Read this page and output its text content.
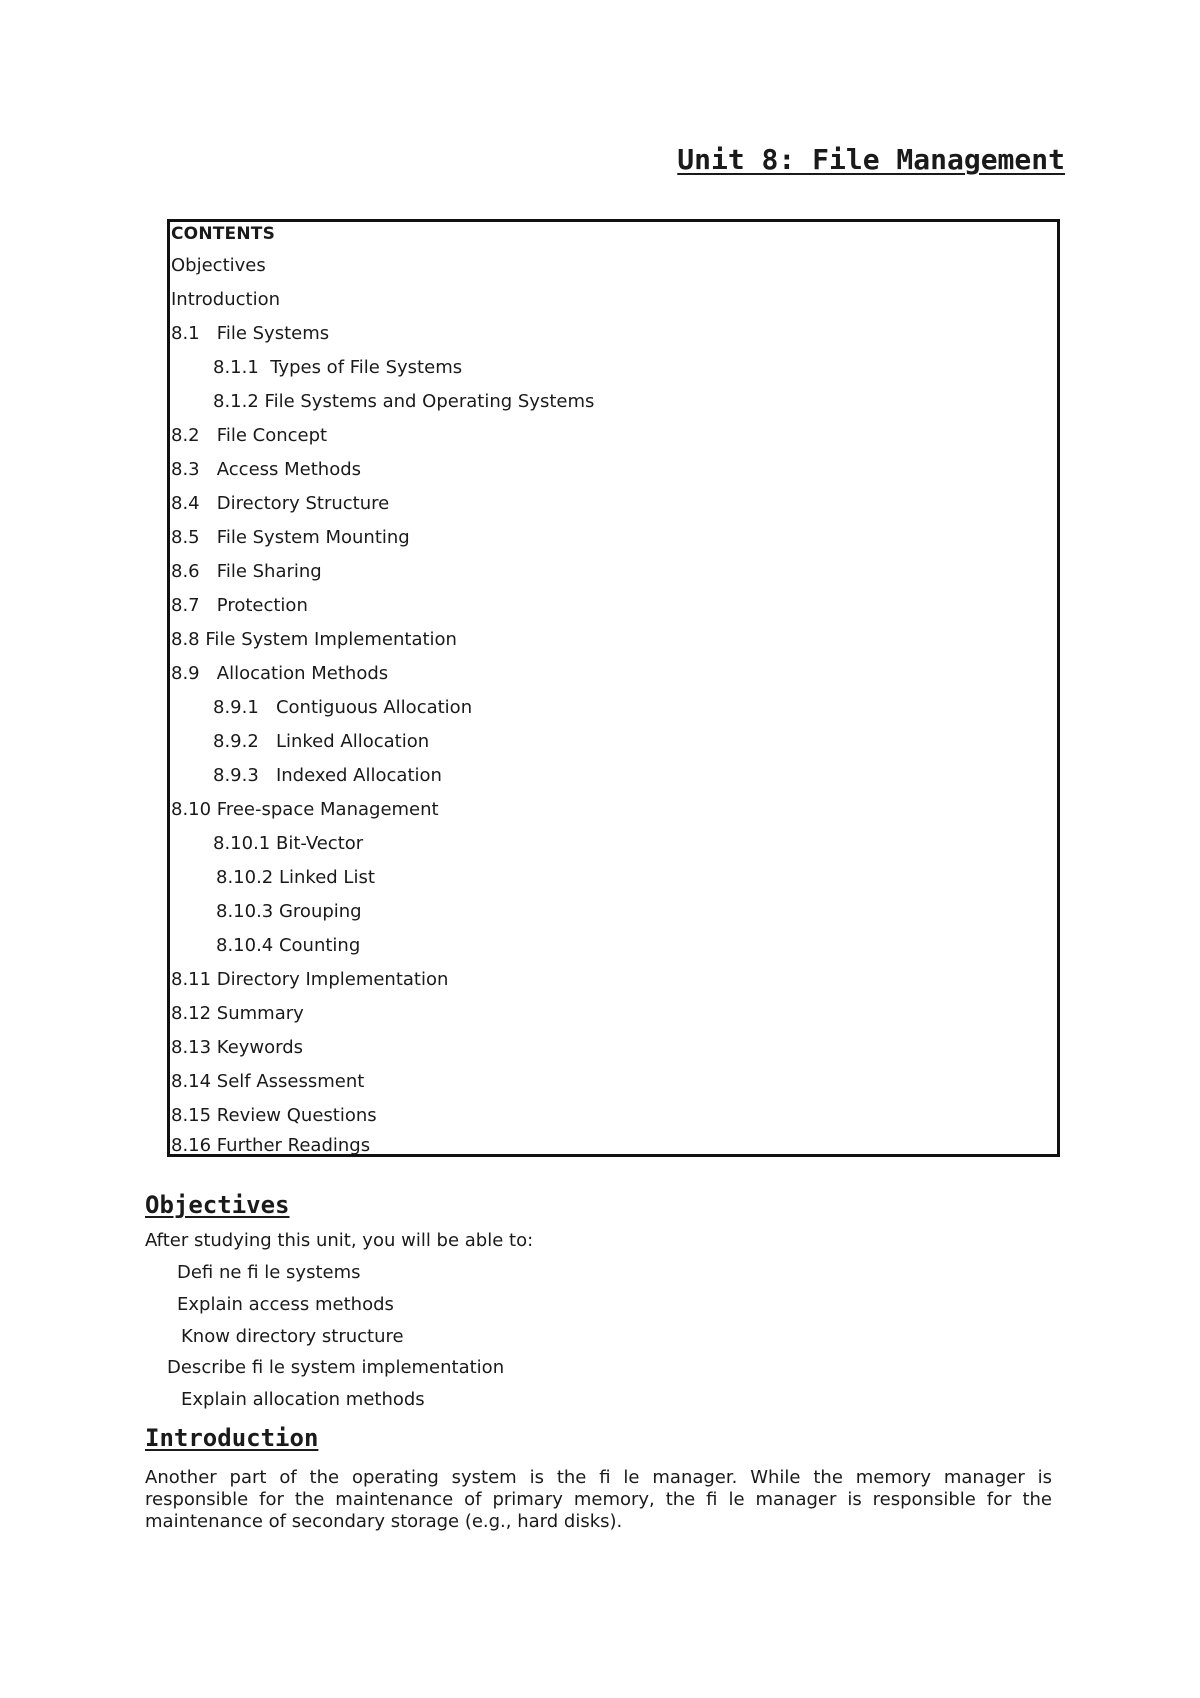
Unit 8: File Management
CONTENTS
Objectives
Introduction
8.1   File Systems
8.1.1  Types of File Systems
8.1.2 File Systems and Operating Systems
8.2   File Concept
8.3   Access Methods
8.4   Directory Structure
8.5   File System Mounting
8.6   File Sharing
8.7   Protection
8.8 File System Implementation
8.9   Allocation Methods
8.9.1   Contiguous Allocation
8.9.2   Linked Allocation
8.9.3   Indexed Allocation
8.10 Free-space Management
8.10.1 Bit-Vector
8.10.2 Linked List
8.10.3 Grouping
8.10.4 Counting
8.11 Directory Implementation
8.12 Summary
8.13 Keywords
8.14 Self Assessment
8.15 Review Questions
8.16 Further Readings
Objectives
After studying this unit, you will be able to:
Defi ne fi le systems
Explain access methods
Know directory structure
Describe fi le system implementation
Explain allocation methods
Introduction

Another part of the operating system is the fi le manager. While the memory manager is responsible for the maintenance of primary memory, the fi le manager is responsible for the maintenance of secondary storage (e.g., hard disks).
